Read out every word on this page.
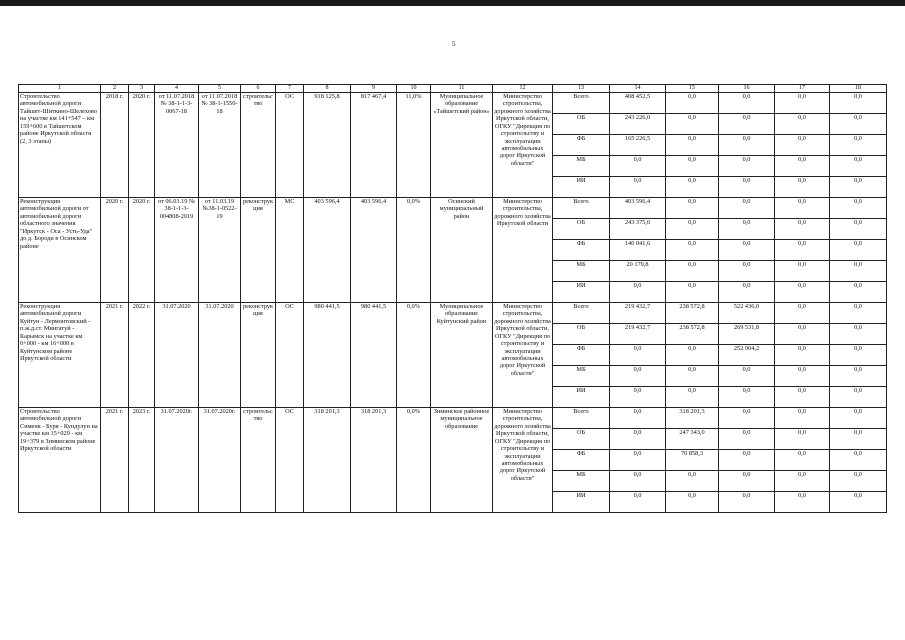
5
1	2	3	4	5	6	7	8	9	10	11	12	13	14	15	16	17	18
Строительство автомобильной дороги Тайшет-Шиткино-Шелехово на участке км 141+547 – км 159+600 в Тайшетском районе Иркутской области (2, 3 этапы)	2018 г.	2020 г.	от 11.07.2018 № 38-1-1-3-0067-18	от 11.07.2018 № 38-1-1550-18	строительство	ОС	918 125,8	817 467,4	11,0%	Муниципальное образование «Тайшетский район»	Министерство строительства, дорожного хозяйства Иркутской области, ОГКУ "Дирекция по строительству и эксплуатации автомобильных дорог Иркутской области"	Всего	408 452,5	0,0	0,0	0,0	0,0
												ОБ	243 226,0	0,0	0,0	0,0	0,0
												ФБ	165 226,5	0,0	0,0	0,0	0,0
												МБ	0,0	0,0	0,0	0,0	0,0
												ИИ	0,0	0,0	0,0	0,0	0,0
Реконструкция автомобильной дороги от автомобильной дороги областного значения "Иркутск - Оса - Усть-Уда" до д. Бороди в Осинском районе	2020 г.	2020 г.	от 06.03.19 № 38-1-1-3-004808-2019	от 11.03.19 №38-1-0522-19	реконструкция	МС	403 596,4	403 596,4	0,0%	Осинский муниципальный район	Министерство строительства, дорожного хозяйства Иркутской области	Всего	403 596,4	0,0	0,0	0,0	0,0
												ОБ	243 375,0	0,0	0,0	0,0	0,0
												ФБ	140 041,6	0,0	0,0	0,0	0,0
												МБ	20 179,8	0,0	0,0	0,0	0,0
												ИИ	0,0	0,0	0,0	0,0	0,0
Реконструкция автомобильной дороги Куйтун - Лермонтовский - п.ж.д.ст. Мингатуй - Карымск на участке км 0+000 - км 16+000 в Куйтунском районе Иркутской области	2021 г.	2022 г.	31.07.2020	31.07.2020	реконструкция	ОС	980 441,5	980 441,5	0,0%	Муниципальное образование Куйтунский район	Министерство строительства, дорожного хозяйства Иркутской области, ОГКУ "Дирекция по строительству и эксплуатации автомобильных дорог Иркутской области"	Всего	219 432,7	238 572,8	522 436,0	0,0	0,0
												ОБ	219 432,7	238 572,8	269 531,8	0,0	0,0
												ФБ	0,0	0,0	252 904,2	0,0	0,0
												МБ	0,0	0,0	0,0	0,0	0,0
												ИИ	0,0	0,0	0,0	0,0	0,0
Строительство автомобильной дороги Сименк - Буря - Кундулун на участке км 15+029 - км 19+379 в Зиминском районе Иркутской области	2021 г.	2023 г.	31.07.2020г.	31.07.2020г.	строительство	ОС	318 201,3	318 201,3	0,0%	Зиминское районное муниципальное образование	Министерство строительства, дорожного хозяйства Иркутской области, ОГКУ "Дирекция по строительству и эксплуатации автомобильных дорог Иркутской области"	Всего	0,0	318 201,3	0,0	0,0	0,0
												ОБ	0,0	247 343,0	0,0	0,0	0,0
												ФБ	0,0	70 858,3	0,0	0,0	0,0
												МБ	0,0	0,0	0,0	0,0	0,0
												ИИ	0,0	0,0	0,0	0,0	0,0
